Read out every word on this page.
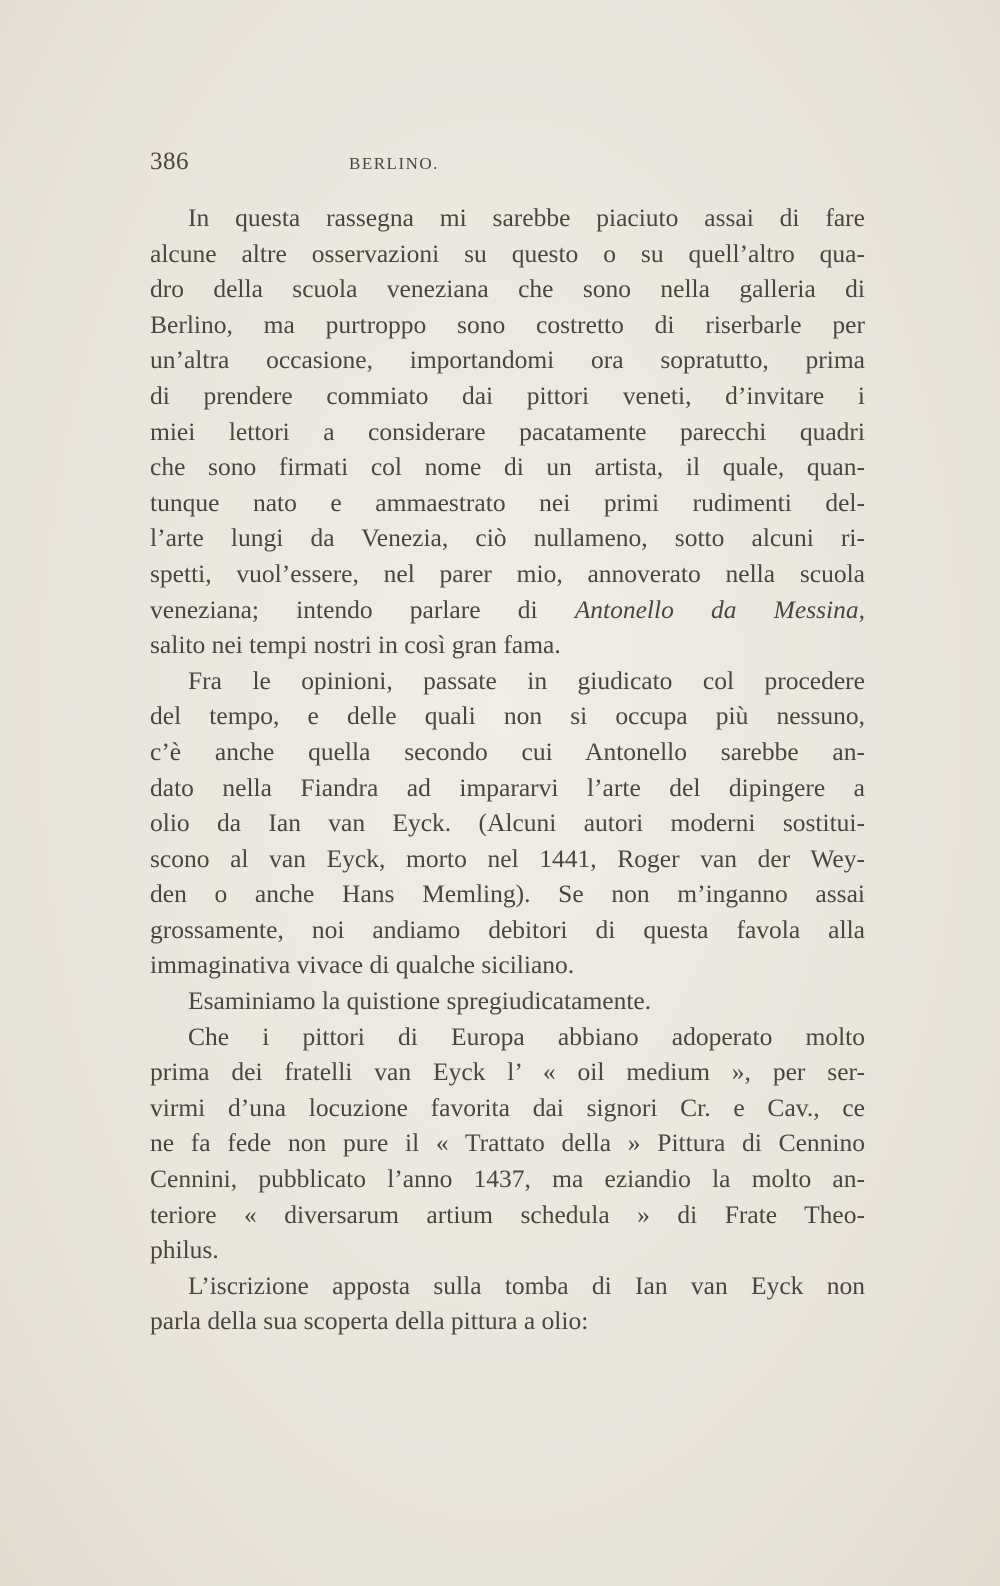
386	BERLINO.
In questa rassegna mi sarebbe piaciuto assai di fare
alcune altre osservazioni su questo o su quell’altro qua-
dro della scuola veneziana che sono nella galleria di
Berlino, ma purtroppo sono costretto di riserbarle per
un’altra occasione, importandomi ora sopratutto, prima
di prendere commiato dai pittori veneti, d’invitare i
miei lettori a considerare pacatamente parecchi quadri
che sono firmati col nome di un artista, il quale, quan-
tunque nato e ammaestrato nei primi rudimenti del-
l’arte lungi da Venezia, ciò nullameno, sotto alcuni ri-
spetti, vuol’essere, nel parer mio, annoverato nella scuola
veneziana; intendo parlare di Antonello da Messina,
salito nei tempi nostri in così gran fama.
Fra le opinioni, passate in giudicato col procedere
del tempo, e delle quali non si occupa più nessuno,
c’è anche quella secondo cui Antonello sarebbe an-
dato nella Fiandra ad impararvi l’arte del dipingere a
olio da Ian van Eyck. (Alcuni autori moderni sostitui-
scono al van Eyck, morto nel 1441, Roger van der Wey-
den o anche Hans Memling). Se non m’inganno assai
grossamente, noi andiamo debitori di questa favola alla
immaginativa vivace di qualche siciliano.
Esaminiamo la quistione spregiudicatamente.
Che i pittori di Europa abbiano adoperato molto
prima dei fratelli van Eyck l’ « oil medium », per ser-
virmi d’una locuzione favorita dai signori Cr. e Cav., ce
ne fa fede non pure il « Trattato della » Pittura di Cennino
Cennini, pubblicato l’anno 1437, ma eziandio la molto an-
teriore « diversarum artium schedula » di Frate Theo-
philus.
L’iscrizione apposta sulla tomba di Ian van Eyck non
parla della sua scoperta della pittura a olio:
